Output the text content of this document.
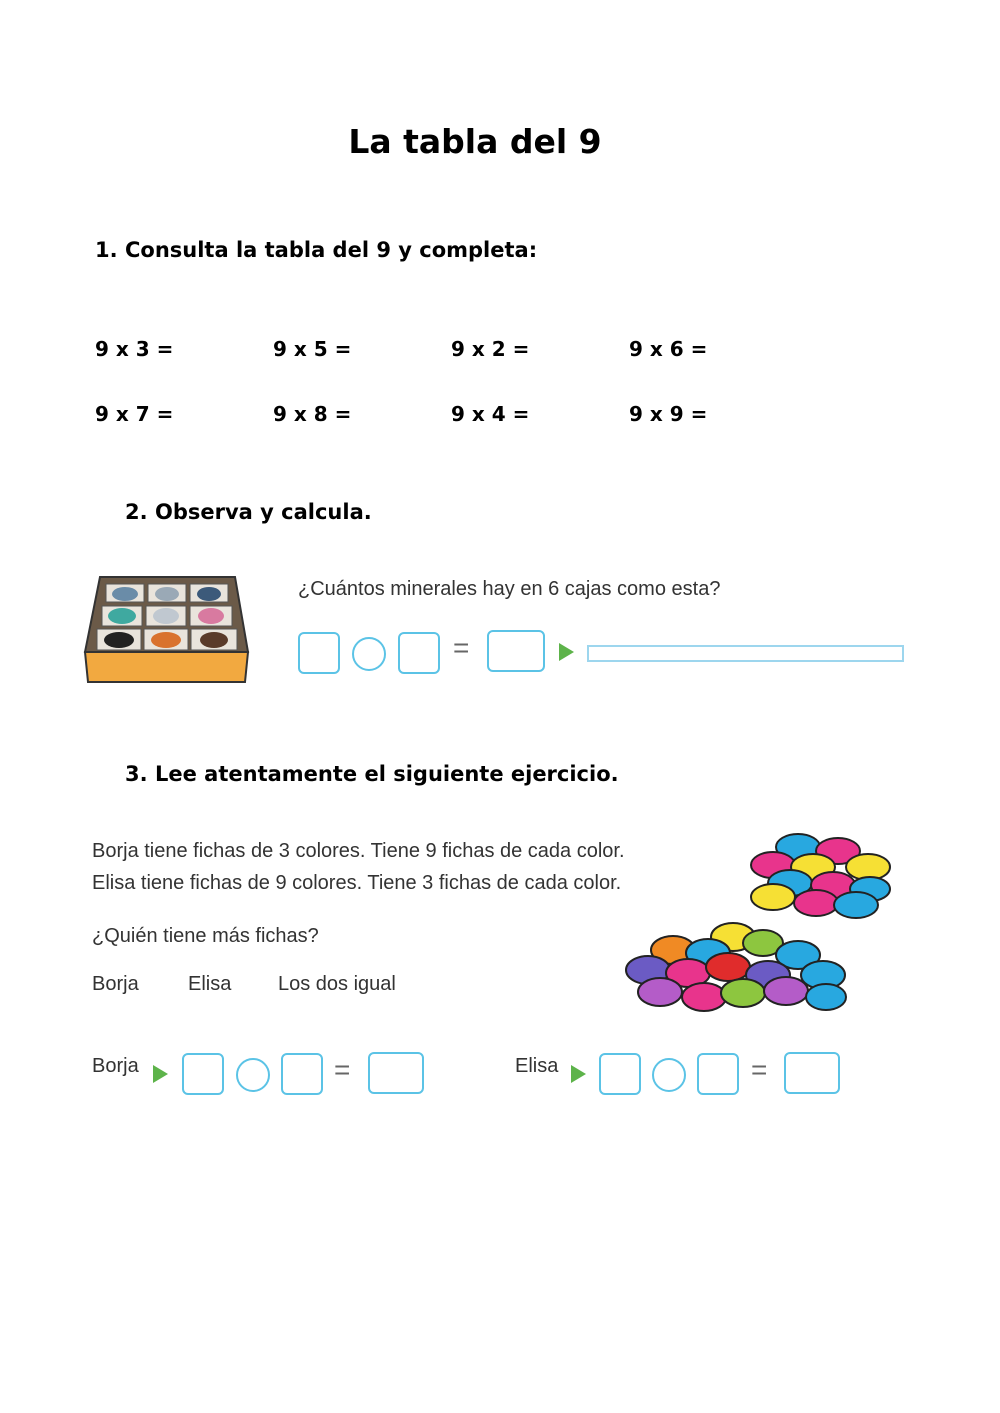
La tabla del 9
1. Consulta la tabla del 9 y completa:
9 x 3 =	9 x 5 =	9 x 2 =	9 x 6 =
9 x 7 =	9 x 8 =	9 x 4 =	9 x 9 =
2. Observa y calcula.
¿Cuántos minerales hay en 6 cajas como esta?
=
3. Lee atentamente el siguiente ejercicio.
Borja tiene fichas de 3 colores. Tiene 9 fichas de cada color.
Elisa tiene fichas de 9 colores. Tiene 3 fichas de cada color.
¿Quién tiene más fichas?
Borja Elisa Los dos igual
Borja	=	Elisa	=
